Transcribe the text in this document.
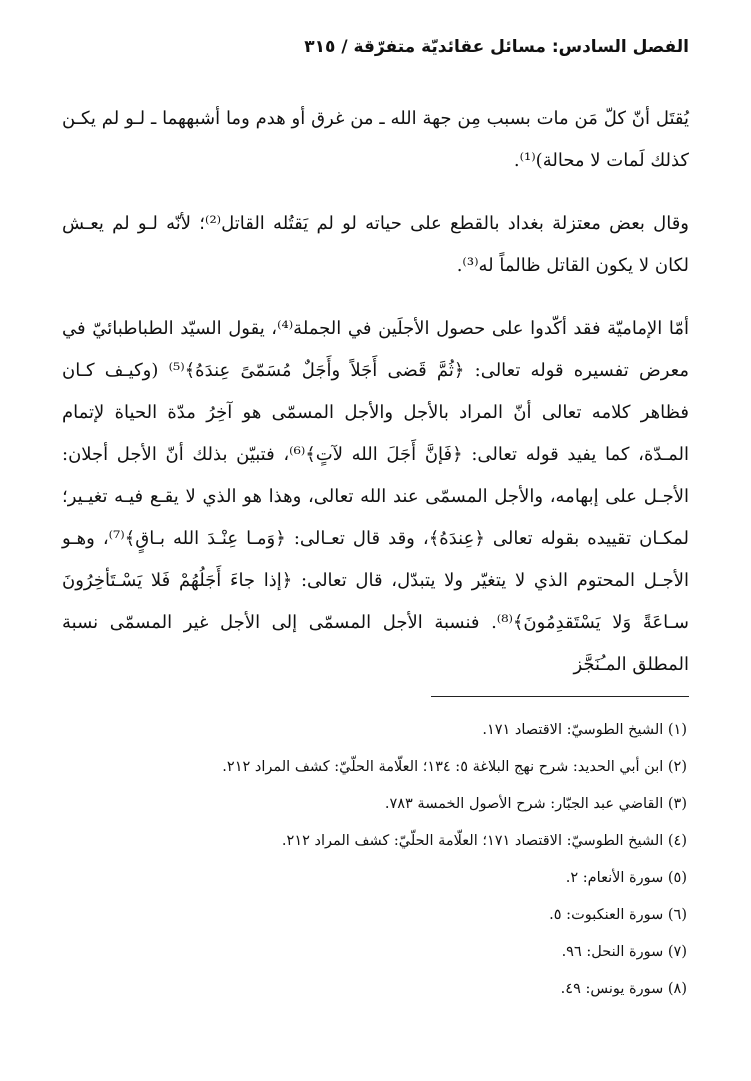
الفصل السادس: مسائل عقائديّة متفرّقة / ٣١٥

يُقتَل أنّ كلّ مَن مات بسبب مِن جهة الله ـ من غرق أو هدم وما أشبههما ـ لـو لم يكـن كذلك لَمات لا محالة)⁽¹⁾.

وقال بعض معتزلة بغداد بالقطع على حياته لو لم يَقتُله القاتل⁽²⁾؛ لأنّه لـو لم يعـش لكان لا يكون القاتل ظالماً له⁽³⁾.

أمّا الإماميّة فقد أكّدوا على حصول الأجلَين في الجملة⁽⁴⁾، يقول السيّد الطباطبائيّ في معرض تفسيره قوله تعالى: ﴿ثُمَّ قَضى أَجَلاً وأَجَلٌ مُسَمّىً عِندَهُ﴾⁽⁵⁾ (وكيـف كـان فظاهر كلامه تعالى أنّ المراد بالأجل والأجل المسمّى هو آخِرُ مدّة الحياة لإتمام المـدّة، كما يفيد قوله تعالى: ﴿فَإنَّ أَجَلَ الله لآتٍ﴾⁽⁶⁾، فتبيّن بذلك أنّ الأجل أجلان: الأجـل على إبهامه، والأجل المسمّى عند الله تعالى، وهذا هو الذي لا يقـع فيـه تغيـير؛ لمكـان تقييده بقوله تعالى ﴿عِندَهُ﴾، وقد قال تعـالى: ﴿وَمـا عِنْـدَ الله بـاقٍ﴾⁽⁷⁾، وهـو الأجـل المحتوم الذي لا يتغيّر ولا يتبدّل، قال تعالى: ﴿إذا جاءَ أَجَلُهُمْ فَلا يَسْـتَأخِرُونَ سـاعَةً وَلا يَسْتَقدِمُونَ﴾⁽⁸⁾. فنسبة الأجل المسمّى إلى الأجل غير المسمّى نسبة المطلق المـُنَجَّز

(١) الشيخ الطوسيّ: الاقتصاد ١٧١.
(٢) ابن أبي الحديد: شرح نهج البلاغة ٥: ١٣٤؛ العلّامة الحلّيّ: كشف المراد ٢١٢.
(٣) القاضي عبد الجبّار: شرح الأصول الخمسة ٧٨٣.
(٤) الشيخ الطوسيّ: الاقتصاد ١٧١؛ العلّامة الحلّيّ: كشف المراد ٢١٢.
(٥) سورة الأنعام: ٢.
(٦) سورة العنكبوت: ٥.
(٧) سورة النحل: ٩٦.
(٨) سورة يونس: ٤٩.
